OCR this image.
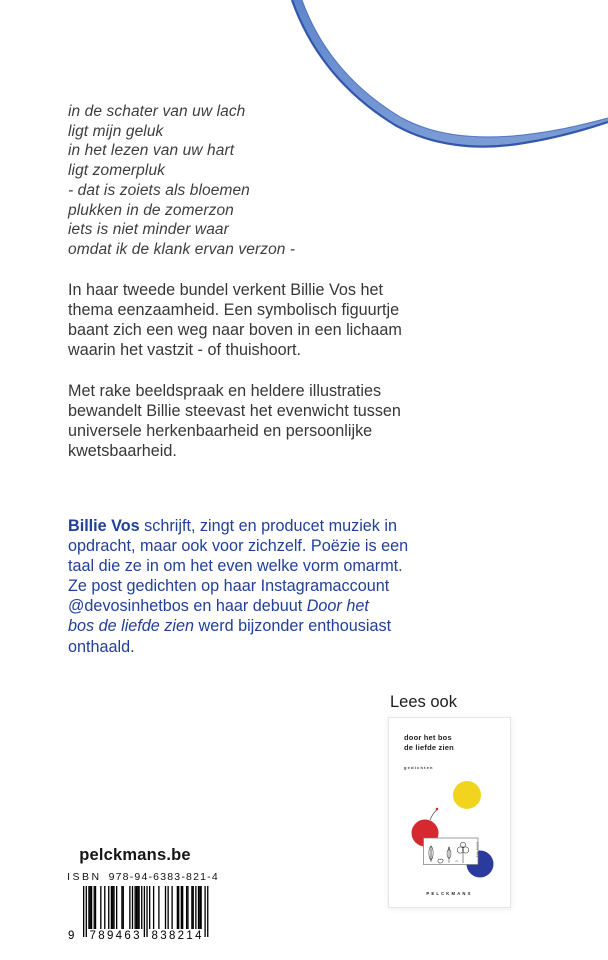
in de schater van uw lach
ligt mijn geluk
in het lezen van uw hart
ligt zomerpluk
- dat is zoiets als bloemen
plukken in de zomerzon
iets is niet minder waar
omdat ik de klank ervan verzon -
In haar tweede bundel verkent Billie Vos het
thema eenzaamheid. Een symbolisch figuurtje
baant zich een weg naar boven in een lichaam
waarin het vastzit - of thuishoort.
Met rake beeldspraak en heldere illustraties
bewandelt Billie steevast het evenwicht tussen
universele herkenbaarheid en persoonlijke
kwetsbaarheid.
Billie Vos schrijft, zingt en producet muziek in
opdracht, maar ook voor zichzelf. Poëzie is een
taal die ze in om het even welke vorm omarmt.
Ze post gedichten op haar Instagramaccount
@devosinhetbos en haar debuut Door het
bos de liefde zien werd bijzonder enthousiast
onthaald.
Lees ook
door het bos
de liefde zien
gedichten
billie vos
PELCKMANS
pelckmans.be
ISBN 978-94-6383-821-4
9 789463 838214
